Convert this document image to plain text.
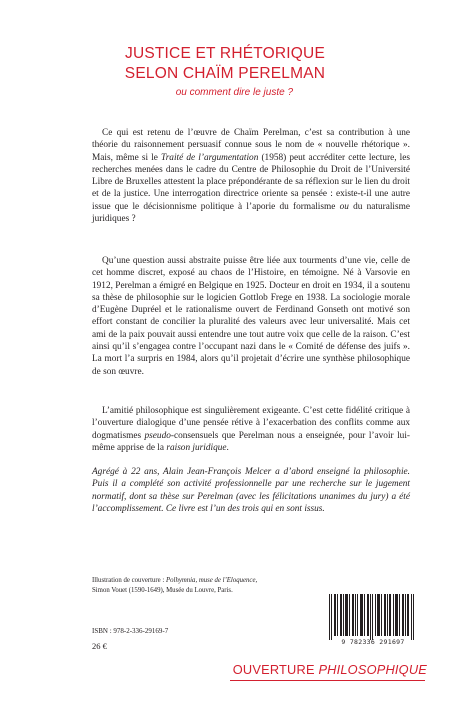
JUSTICE ET RHÉTORIQUE
SELON CHAÏM PERELMAN
ou comment dire le juste ?

Ce qui est retenu de l’œuvre de Chaïm Perelman, c’est sa contribution à une théorie du raisonnement persuasif connue sous le nom de « nouvelle rhétorique ». Mais, même si le Traité de l’argumentation (1958) peut accréditer cette lecture, les recherches menées dans le cadre du Centre de Philosophie du Droit de l’Université Libre de Bruxelles attestent la place prépondérante de sa réflexion sur le lien du droit et de la justice. Une interrogation directrice oriente sa pensée : existe-t-il une autre issue que le décisionnisme politique à l’aporie du formalisme ou du naturalisme juridiques ?

Qu’une question aussi abstraite puisse être liée aux tourments d’une vie, celle de cet homme discret, exposé au chaos de l’Histoire, en témoigne. Né à Varsovie en 1912, Perelman a émigré en Belgique en 1925. Docteur en droit en 1934, il a soutenu sa thèse de philosophie sur le logicien Gottlob Frege en 1938. La sociologie morale d’Eugène Dupréel et le rationalisme ouvert de Ferdinand Gonseth ont motivé son effort constant de concilier la pluralité des valeurs avec leur universalité. Mais cet ami de la paix pouvait aussi entendre une tout autre voix que celle de la raison. C’est ainsi qu’il s’engagea contre l’occupant nazi dans le « Comité de défense des juifs ». La mort l’a surpris en 1984, alors qu’il projetait d’écrire une synthèse philosophique de son œuvre.

L’amitié philosophique est singulièrement exigeante. C’est cette fidélité critique à l’ouverture dialogique d’une pensée rétive à l’exacerbation des conflits comme aux dogmatismes pseudo-consensuels que Perelman nous a enseignée, pour l’avoir lui-même apprise de la raison juridique.

Agrégé à 22 ans, Alain Jean-François Melcer a d’abord enseigné la philosophie. Puis il a complété son activité professionnelle par une recherche sur le jugement normatif, dont sa thèse sur Perelman (avec les félicitations unanimes du jury) a été l’accomplissement. Ce livre est l’un des trois qui en sont issus.
Illustration de couverture : Polhymnia, muse de l’Eloquence,
Simon Vouet (1590-1649), Musée du Louvre, Paris.
ISBN : 978-2-336-29169-7
26 €	9 782336 291697
OUVERTURE PHILOSOPHIQUE
